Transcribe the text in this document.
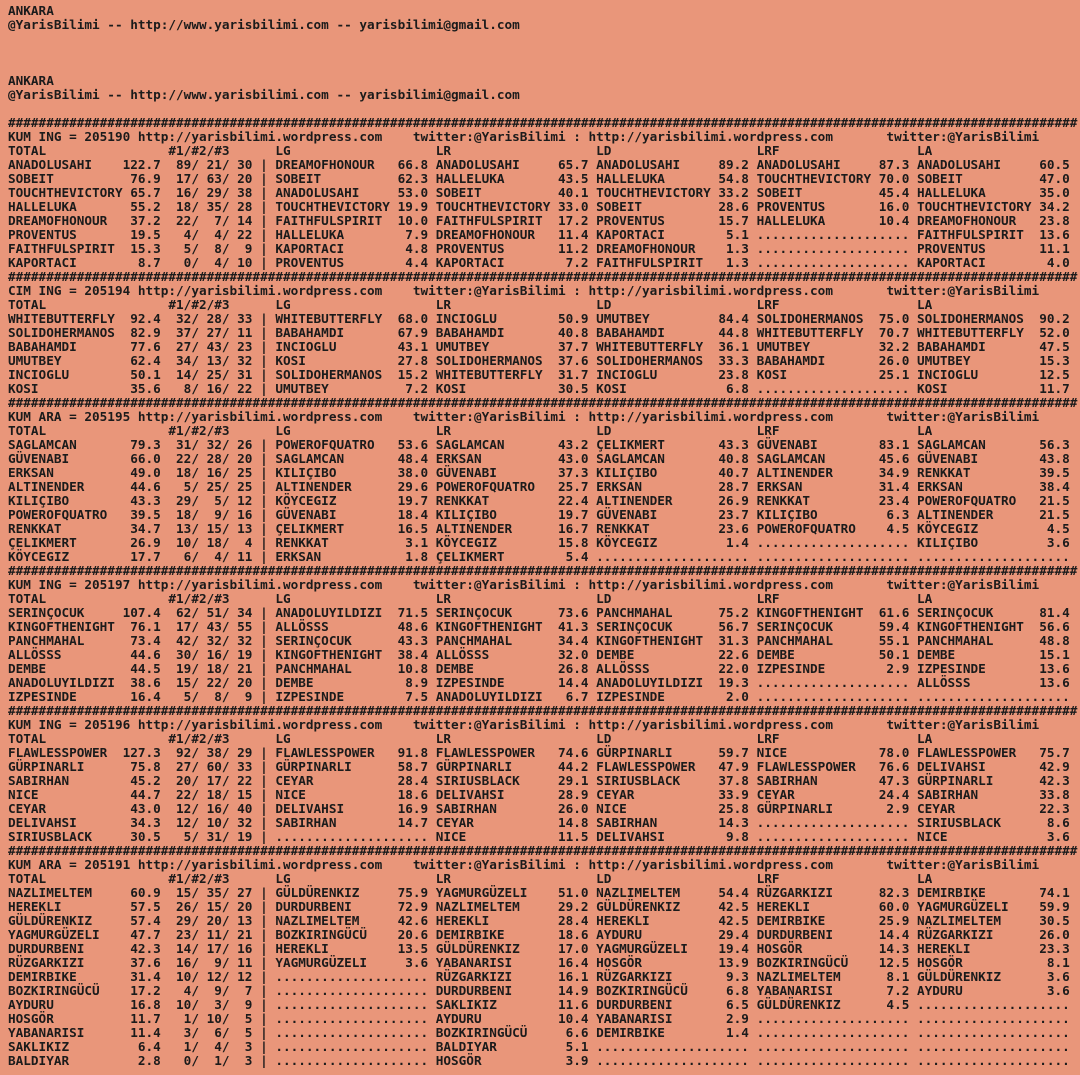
ANKARA
@YarisBilimi -- http://www.yarisbilimi.com -- yarisbilimi@gmail.com

ANKARA
@YarisBilimi -- http://www.yarisbilimi.com -- yarisbilimi@gmail.com

############################################################################################################################################
KUM ING = 205190 http://yarisbilimi.wordpress.com    twitter:@YarisBilimi : http://yarisbilimi.wordpress.com       twitter:@YarisBilimi
TOTAL                #1/#2/#3      LG                   LR                   LD                   LRF                  LA
ANADOLUSAHI    122.7  89/ 21/ 30 | DREAMOFHONOUR   66.8 ANADOLUSAHI     65.7 ANADOLUSAHI     89.2 ANADOLUSAHI     87.3 ANADOLUSAHI     60.5
SOBEIT          76.9  17/ 63/ 20 | SOBEIT          62.3 HALLELUKA       43.5 HALLELUKA       54.8 TOUCHTHEVICTORY 70.0 SOBEIT          47.0
TOUCHTHEVICTORY 65.7  16/ 29/ 38 | ANADOLUSAHI     53.0 SOBEIT          40.1 TOUCHTHEVICTORY 33.2 SOBEIT          45.4 HALLELUKA       35.0
HALLELUKA       55.2  18/ 35/ 28 | TOUCHTHEVICTORY 19.9 TOUCHTHEVICTORY 33.0 SOBEIT          28.6 PROVENTUS       16.0 TOUCHTHEVICTORY 34.2
DREAMOFHONOUR   37.2  22/  7/ 14 | FAITHFULSPIRIT  10.0 FAITHFULSPIRIT  17.2 PROVENTUS       15.7 HALLELUKA       10.4 DREAMOFHONOUR   23.8
PROVENTUS       19.5   4/  4/ 22 | HALLELUKA        7.9 DREAMOFHONOUR   11.4 KAPORTACI        5.1 .................... FAITHFULSPIRIT  13.6
FAITHFULSPIRIT  15.3   5/  8/  9 | KAPORTACI        4.8 PROVENTUS       11.2 DREAMOFHONOUR    1.3 .................... PROVENTUS       11.1
KAPORTACI        8.7   0/  4/ 10 | PROVENTUS        4.4 KAPORTACI        7.2 FAITHFULSPIRIT   1.3 .................... KAPORTACI        4.0
############################################################################################################################################
CIM ING = 205194 http://yarisbilimi.wordpress.com    twitter:@YarisBilimi : http://yarisbilimi.wordpress.com       twitter:@YarisBilimi
TOTAL                #1/#2/#3      LG                   LR                   LD                   LRF                  LA
WHITEBUTTERFLY  92.4  32/ 28/ 33 | WHITEBUTTERFLY  68.0 INCIOGLU        50.9 UMUTBEY         84.4 SOLIDOHERMANOS  75.0 SOLIDOHERMANOS  90.2
SOLIDOHERMANOS  82.9  37/ 27/ 11 | BABAHAMDI       67.9 BABAHAMDI       40.8 BABAHAMDI       44.8 WHITEBUTTERFLY  70.7 WHITEBUTTERFLY  52.0
BABAHAMDI       77.6  27/ 43/ 23 | INCIOGLU        43.1 UMUTBEY         37.7 WHITEBUTTERFLY  36.1 UMUTBEY         32.2 BABAHAMDI       47.5
UMUTBEY         62.4  34/ 13/ 32 | KOSI            27.8 SOLIDOHERMANOS  37.6 SOLIDOHERMANOS  33.3 BABAHAMDI       26.0 UMUTBEY         15.3
INCIOGLU        50.1  14/ 25/ 31 | SOLIDOHERMANOS  15.2 WHITEBUTTERFLY  31.7 INCIOGLU        23.8 KOSI            25.1 INCIOGLU        12.5
KOSI            35.6   8/ 16/ 22 | UMUTBEY          7.2 KOSI            30.5 KOSI             6.8 .................... KOSI            11.7
############################################################################################################################################
KUM ARA = 205195 http://yarisbilimi.wordpress.com    twitter:@YarisBilimi : http://yarisbilimi.wordpress.com       twitter:@YarisBilimi
TOTAL                #1/#2/#3      LG                   LR                   LD                   LRF                  LA
SAGLAMCAN       79.3  31/ 32/ 26 | POWEROFQUATRO   53.6 SAGLAMCAN       43.2 ÇELIKMERT       43.3 GÜVENABI        83.1 SAGLAMCAN       56.3
GÜVENABI        66.0  22/ 28/ 20 | SAGLAMCAN       48.4 ERKSAN          43.0 SAGLAMCAN       40.8 SAGLAMCAN       45.6 GÜVENABI        43.8
ERKSAN          49.0  18/ 16/ 25 | KILIÇIBO        38.0 GÜVENABI        37.3 KILIÇIBO        40.7 ALTINENDER      34.9 RENKKAT         39.5
ALTINENDER      44.6   5/ 25/ 25 | ALTINENDER      29.6 POWEROFQUATRO   25.7 ERKSAN          28.7 ERKSAN          31.4 ERKSAN          38.4
KILIÇIBO        43.3  29/  5/ 12 | KÖYCEGIZ        19.7 RENKKAT         22.4 ALTINENDER      26.9 RENKKAT         23.4 POWEROFQUATRO   21.5
POWEROFQUATRO   39.5  18/  9/ 16 | GÜVENABI        18.4 KILIÇIBO        19.7 GÜVENABI        23.7 KILIÇIBO         6.3 ALTINENDER      21.5
RENKKAT         34.7  13/ 15/ 13 | ÇELIKMERT       16.5 ALTINENDER      16.7 RENKKAT         23.6 POWEROFQUATRO    4.5 KÖYCEGIZ         4.5
ÇELIKMERT       26.9  10/ 18/  4 | RENKKAT          3.1 KÖYCEGIZ        15.8 KÖYCEGIZ         1.4 .................... KILIÇIBO         3.6
KÖYCEGIZ        17.7   6/  4/ 11 | ERKSAN           1.8 ÇELIKMERT        5.4 .................... .................... ....................
############################################################################################################################################
KUM ING = 205197 http://yarisbilimi.wordpress.com    twitter:@YarisBilimi : http://yarisbilimi.wordpress.com       twitter:@YarisBilimi
TOTAL                #1/#2/#3      LG                   LR                   LD                   LRF                  LA
SERINÇOCUK     107.4  62/ 51/ 34 | ANADOLUYILDIZI  71.5 SERINÇOCUK      73.6 PANCHMAHAL      75.2 KINGOFTHENIGHT  61.6 SERINÇOCUK      81.4
KINGOFTHENIGHT  76.1  17/ 43/ 55 | ALLÖSSS         48.6 KINGOFTHENIGHT  41.3 SERINÇOCUK      56.7 SERINÇOCUK      59.4 KINGOFTHENIGHT  56.6
PANCHMAHAL      73.4  42/ 32/ 32 | SERINÇOCUK      43.3 PANCHMAHAL      34.4 KINGOFTHENIGHT  31.3 PANCHMAHAL      55.1 PANCHMAHAL      48.8
ALLÖSSS         44.6  30/ 16/ 19 | KINGOFTHENIGHT  38.4 ALLÖSSS         32.0 DEMBE           22.6 DEMBE           50.1 DEMBE           15.1
DEMBE           44.5  19/ 18/ 21 | PANCHMAHAL      10.8 DEMBE           26.8 ALLÖSSS         22.0 IZPESINDE        2.9 IZPESINDE       13.6
ANADOLUYILDIZI  38.6  15/ 22/ 20 | DEMBE            8.9 IZPESINDE       14.4 ANADOLUYILDIZI  19.3 .................... ALLÖSSS         13.6
IZPESINDE       16.4   5/  8/  9 | IZPESINDE        7.5 ANADOLUYILDIZI   6.7 IZPESINDE        2.0 .................... ....................
############################################################################################################################################
KUM ING = 205196 http://yarisbilimi.wordpress.com    twitter:@YarisBilimi : http://yarisbilimi.wordpress.com       twitter:@YarisBilimi
TOTAL                #1/#2/#3      LG                   LR                   LD                   LRF                  LA
FLAWLESSPOWER  127.3  92/ 38/ 29 | FLAWLESSPOWER   91.8 FLAWLESSPOWER   74.6 GÜRPINARLI      59.7 NICE            78.0 FLAWLESSPOWER   75.7
GÜRPINARLI      75.8  27/ 60/ 33 | GÜRPINARLI      58.7 GÜRPINARLI      44.2 FLAWLESSPOWER   47.9 FLAWLESSPOWER   76.6 DELIVAHSI       42.9
SABIRHAN        45.2  20/ 17/ 22 | CEYAR           28.4 SIRIUSBLACK     29.1 SIRIUSBLACK     37.8 SABIRHAN        47.3 GÜRPINARLI      42.3
NICE            44.7  22/ 18/ 15 | NICE            18.6 DELIVAHSI       28.9 CEYAR           33.9 CEYAR           24.4 SABIRHAN        33.8
CEYAR           43.0  12/ 16/ 40 | DELIVAHSI       16.9 SABIRHAN        26.0 NICE            25.8 GÜRPINARLI       2.9 CEYAR           22.3
DELIVAHSI       34.3  12/ 10/ 32 | SABIRHAN        14.7 CEYAR           14.8 SABIRHAN        14.3 .................... SIRIUSBLACK      8.6
SIRIUSBLACK     30.5   5/ 31/ 19 | .................... NICE            11.5 DELIVAHSI        9.8 .................... NICE             3.6
############################################################################################################################################
KUM ARA = 205191 http://yarisbilimi.wordpress.com    twitter:@YarisBilimi : http://yarisbilimi.wordpress.com       twitter:@YarisBilimi
TOTAL                #1/#2/#3      LG                   LR                   LD                   LRF                  LA
NAZLIMELTEM     60.9  15/ 35/ 27 | GÜLDÜRENKIZ     75.9 YAGMURGÜZELI    51.0 NAZLIMELTEM     54.4 RÜZGARKIZI      82.3 DEMIRBIKE       74.1
HEREKLI         57.5  26/ 15/ 20 | DURDURBENI      72.9 NAZLIMELTEM     29.2 GÜLDÜRENKIZ     42.5 HEREKLI         60.0 YAGMURGÜZELI    59.9
GÜLDÜRENKIZ     57.4  29/ 20/ 13 | NAZLIMELTEM     42.6 HEREKLI         28.4 HEREKLI         42.5 DEMIRBIKE       25.9 NAZLIMELTEM     30.5
YAGMURGÜZELI    47.7  23/ 11/ 21 | BOZKIRINGÜCÜ    20.6 DEMIRBIKE       18.6 AYDURU          29.4 DURDURBENI      14.4 RÜZGARKIZI      26.0
DURDURBENI      42.3  14/ 17/ 16 | HEREKLI         13.5 GÜLDÜRENKIZ     17.0 YAGMURGÜZELI    19.4 HOSGÖR          14.3 HEREKLI         23.3
RÜZGARKIZI      37.6  16/  9/ 11 | YAGMURGÜZELI     3.6 YABANARISI      16.4 HOSGÖR          13.9 BOZKIRINGÜCÜ    12.5 HOSGÖR           8.1
DEMIRBIKE       31.4  10/ 12/ 12 | .................... RÜZGARKIZI      16.1 RÜZGARKIZI       9.3 NAZLIMELTEM      8.1 GÜLDÜRENKIZ      3.6
BOZKIRINGÜCÜ    17.2   4/  9/  7 | .................... DURDURBENI      14.9 BOZKIRINGÜCÜ     6.8 YABANARISI       7.2 AYDURU           3.6
AYDURU          16.8  10/  3/  9 | .................... SAKLIKIZ        11.6 DURDURBENI       6.5 GÜLDÜRENKIZ      4.5 ....................
HOSGÖR          11.7   1/ 10/  5 | .................... AYDURU          10.4 YABANARISI       2.9 .................... ....................
YABANARISI      11.4   3/  6/  5 | .................... BOZKIRINGÜCÜ     6.6 DEMIRBIKE        1.4 .................... ....................
SAKLIKIZ         6.4   1/  4/  3 | .................... BALDIYAR         5.1 .................... .................... ....................
BALDIYAR         2.8   0/  1/  3 | .................... HOSGÖR           3.9 .................... .................... ....................
